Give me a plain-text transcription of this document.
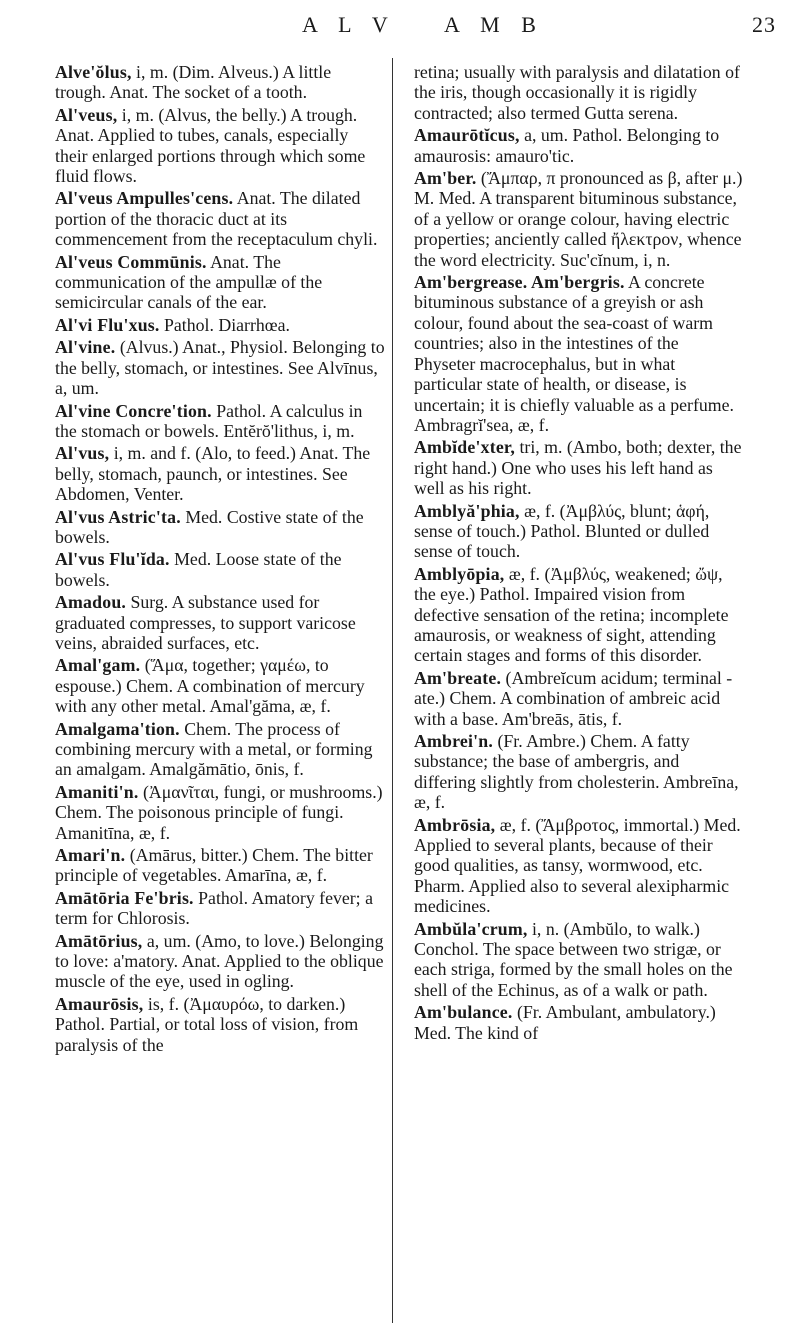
A L V A M B	23
Alve'ŏlus, i, m. (Dim. Alveus.) A little trough. Anat. The socket of a tooth.
Al'veus, i, m. (Alvus, the belly.) A trough. Anat. Applied to tubes, canals, especially their enlarged portions through which some fluid flows.
Al'veus Ampulles'cens. Anat. The dilated portion of the thoracic duct at its commencement from the receptaculum chyli.
Al'veus Commūnis. Anat. The communication of the ampullæ of the semicircular canals of the ear.
Al'vi Flu'xus. Pathol. Diarrhœa.
Al'vine. (Alvus.) Anat., Physiol. Belonging to the belly, stomach, or intestines. See Alvīnus, a, um.
Al'vine Concre'tion. Pathol. A calculus in the stomach or bowels. Entĕrŏ'lithus, i, m.
Al'vus, i, m. and f. (Alo, to feed.) Anat. The belly, stomach, paunch, or intestines. See Abdomen, Venter.
Al'vus Astric'ta. Med. Costive state of the bowels.
Al'vus Flu'ĭda. Med. Loose state of the bowels.
Amadou. Surg. A substance used for graduated compresses, to support varicose veins, abraided surfaces, etc.
Amal'gam. (Ἅμα, together; γαμέω, to espouse.) Chem. A combination of mercury with any other metal. Amal'găma, æ, f.
Amalgama'tion. Chem. The process of combining mercury with a metal, or forming an amalgam. Amalgămātio, ōnis, f.
Amaniti'n. (Ἀμανῖται, fungi, or mushrooms.) Chem. The poisonous principle of fungi. Amanitīna, æ, f.
Amari'n. (Amārus, bitter.) Chem. The bitter principle of vegetables. Amarīna, æ, f.
Amātōria Fe'bris. Pathol. Amatory fever; a term for Chlorosis.
Amātōrius, a, um. (Amo, to love.) Belonging to love: a'matory. Anat. Applied to the oblique muscle of the eye, used in ogling.
Amaurōsis, is, f. (Ἀμαυρόω, to darken.) Pathol. Partial, or total loss of vision, from paralysis of the
retina; usually with paralysis and dilatation of the iris, though occasionally it is rigidly contracted; also termed Gutta serena.
Amaurōtĭcus, a, um. Pathol. Belonging to amaurosis: amauro'tic.
Am'ber. (Ἄμπαρ, π pronounced as β, after μ.) M. Med. A transparent bituminous substance, of a yellow or orange colour, having electric properties; anciently called ἤλεκτρον, whence the word electricity. Suc'cĭnum, i, n.
Am'bergrease. Am'bergris. A concrete bituminous substance of a greyish or ash colour, found about the sea-coast of warm countries; also in the intestines of the Physeter macrocephalus, but in what particular state of health, or disease, is uncertain; it is chiefly valuable as a perfume. Ambragrĭ'sea, æ, f.
Ambĭde'xter, tri, m. (Ambo, both; dexter, the right hand.) One who uses his left hand as well as his right.
Amblyă'phia, æ, f. (Ἀμβλύς, blunt; ἁφή, sense of touch.) Pathol. Blunted or dulled sense of touch.
Amblyōpia, æ, f. (Ἀμβλύς, weakened; ὤψ, the eye.) Pathol. Impaired vision from defective sensation of the retina; incomplete amaurosis, or weakness of sight, attending certain stages and forms of this disorder.
Am'breate. (Ambreĭcum acidum; terminal -ate.) Chem. A combination of ambreic acid with a base. Am'breās, ātis, f.
Ambrei'n. (Fr. Ambre.) Chem. A fatty substance; the base of ambergris, and differing slightly from cholesterin. Ambreīna, æ, f.
Ambrōsia, æ, f. (Ἄμβροτος, immortal.) Med. Applied to several plants, because of their good qualities, as tansy, wormwood, etc. Pharm. Applied also to several alexipharmic medicines.
Ambŭla'crum, i, n. (Ambŭlo, to walk.) Conchol. The space between two strigæ, or each striga, formed by the small holes on the shell of the Echinus, as of a walk or path.
Am'bulance. (Fr. Ambulant, ambulatory.) Med. The kind of
